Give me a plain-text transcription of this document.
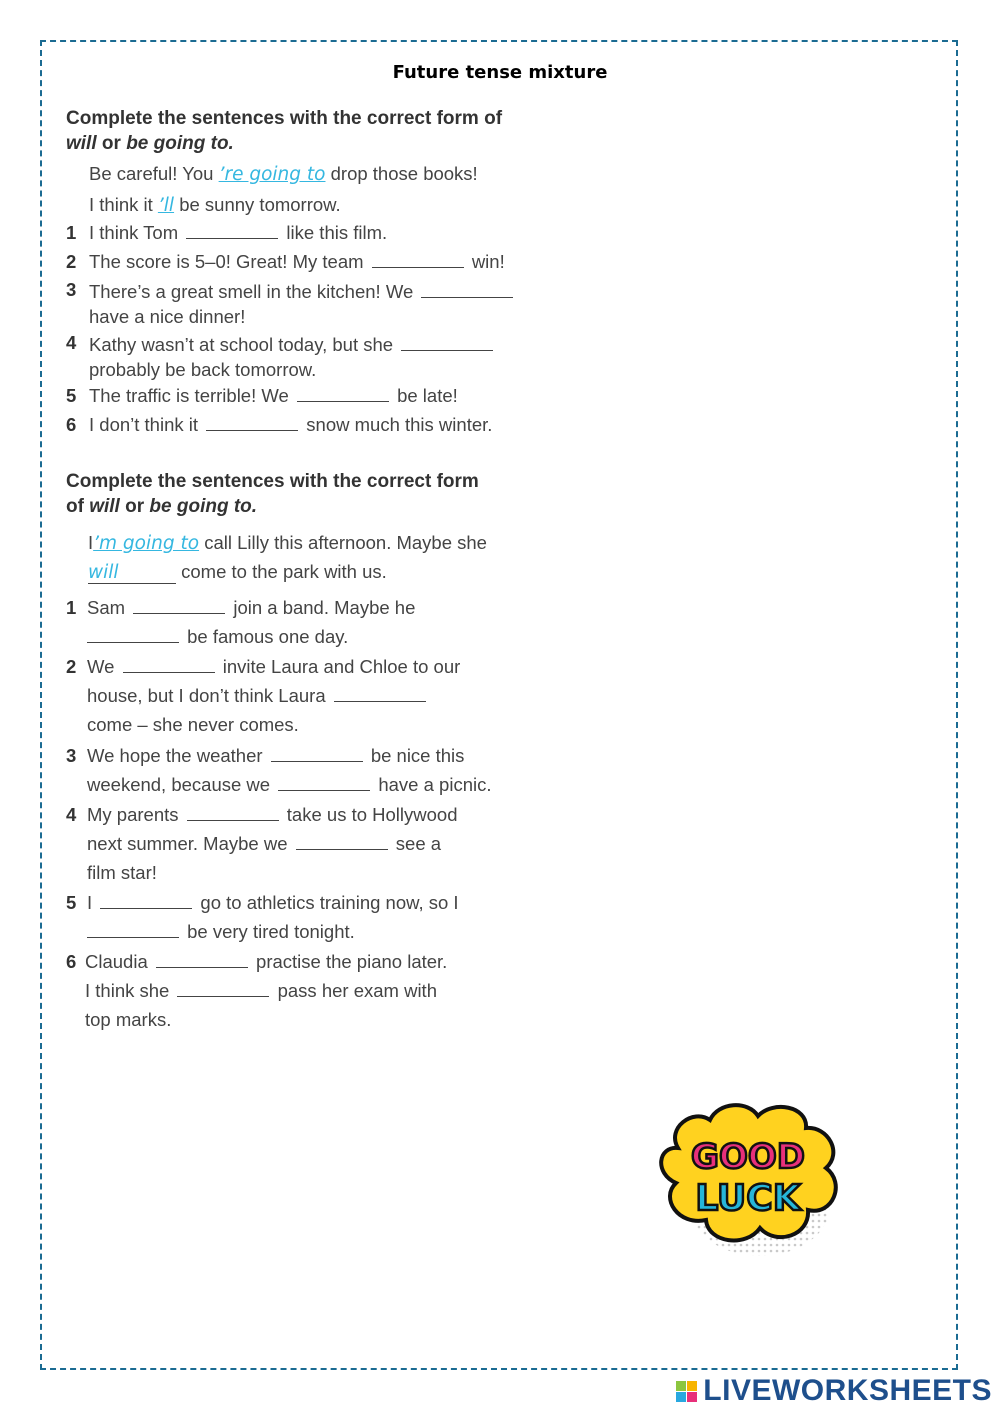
Future tense mixture
Complete the sentences with the correct form of
will or be going to.
Be careful! You ’re going to drop those books!
I think it ’ll be sunny tomorrow.
1 I think Tom	like this film.
2 The score is 5–0! Great! My team	win!
3 There’s a great smell in the kitchen! We
have a nice dinner!
4 Kathy wasn’t at school today, but she
probably be back tomorrow.
5 The traffic is terrible! We	be late!
6 I don’t think it	snow much this winter.
Complete the sentences with the correct form
of will or be going to.
I’m going to call Lilly this afternoon. Maybe she
will	come to the park with us.
1 Sam	join a band. Maybe he
be famous one day.
2 We	invite Laura and Chloe to our
house, but I don’t think Laura
come – she never comes.
3 We hope the weather	be nice this
weekend, because we	have a picnic.
4 My parents	take us to Hollywood
next summer. Maybe we	see a
film star!
5 I	go to athletics training now, so I
be very tired tonight.
6 Claudia	practise the piano later.
I think she	pass her exam with
top marks.
GOOD
LUCK
LIVEWORKSHEETS
